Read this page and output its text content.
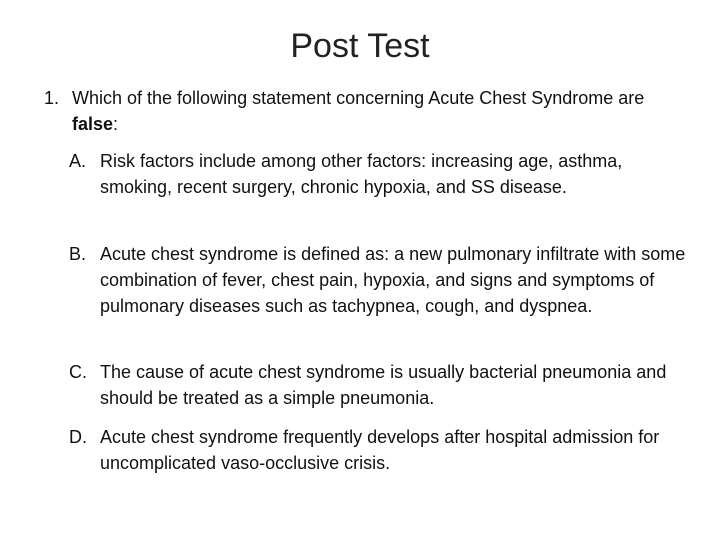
Post Test
1. Which of the following statement concerning Acute Chest Syndrome are false:
A. Risk factors include among other factors: increasing age, asthma, smoking, recent surgery, chronic hypoxia, and SS disease.
B. Acute chest syndrome is defined as: a new pulmonary infiltrate with some combination of fever, chest pain, hypoxia, and signs and symptoms of pulmonary diseases such as tachypnea, cough, and dyspnea.
C. The cause of acute chest syndrome is usually bacterial pneumonia and should be treated as a simple pneumonia.
D. Acute chest syndrome frequently develops after hospital admission for uncomplicated vaso-occlusive crisis.
